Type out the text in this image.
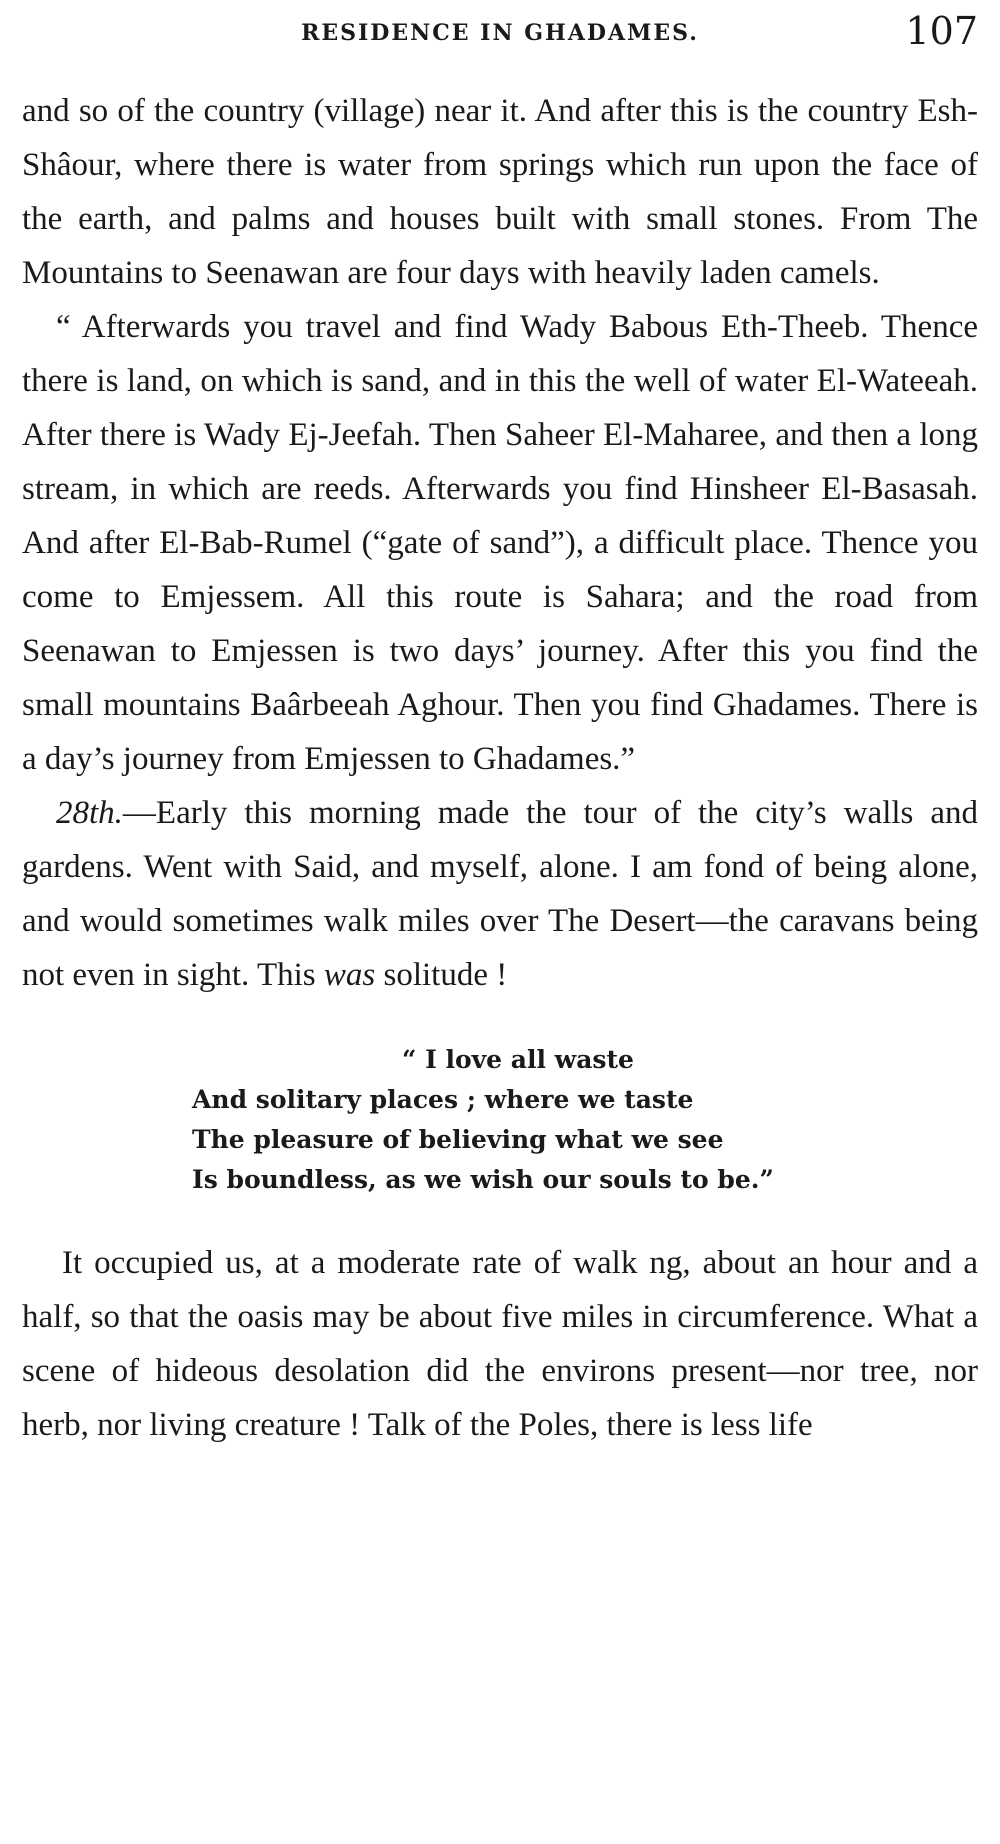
RESIDENCE IN GHADAMES.	107

and so of the country (village) near it. And after this is the country Esh-Shâour, where there is water from springs which run upon the face of the earth, and palms and houses built with small stones. From The Mountains to Seenawan are four days with heavily laden camels.

“ Afterwards you travel and find Wady Babous Eth-Theeb. Thence there is land, on which is sand, and in this the well of water El-Wateeah. After there is Wady Ej-Jeefah. Then Saheer El-Maharee, and then a long stream, in which are reeds. Afterwards you find Hinsheer El-Basasah. And after El-Bab-Rumel (“gate of sand”), a difficult place. Thence you come to Emjessem. All this route is Sahara; and the road from Seenawan to Emjessen is two days’ journey. After this you find the small mountains Baârbeeah Aghour. Then you find Ghadames. There is a day’s journey from Emjessen to Ghadames.”

28th.—Early this morning made the tour of the city’s walls and gardens. Went with Said, and myself, alone. I am fond of being alone, and would sometimes walk miles over The Desert—the caravans being not even in sight. This was solitude !

“ I love all waste
And solitary places ; where we taste
The pleasure of believing what we see
Is boundless, as we wish our souls to be.”

It occupied us, at a moderate rate of walk ng, about an hour and a half, so that the oasis may be about five miles in circumference. What a scene of hideous desolation did the environs present—nor tree, nor herb, nor living creature ! Talk of the Poles, there is less life
